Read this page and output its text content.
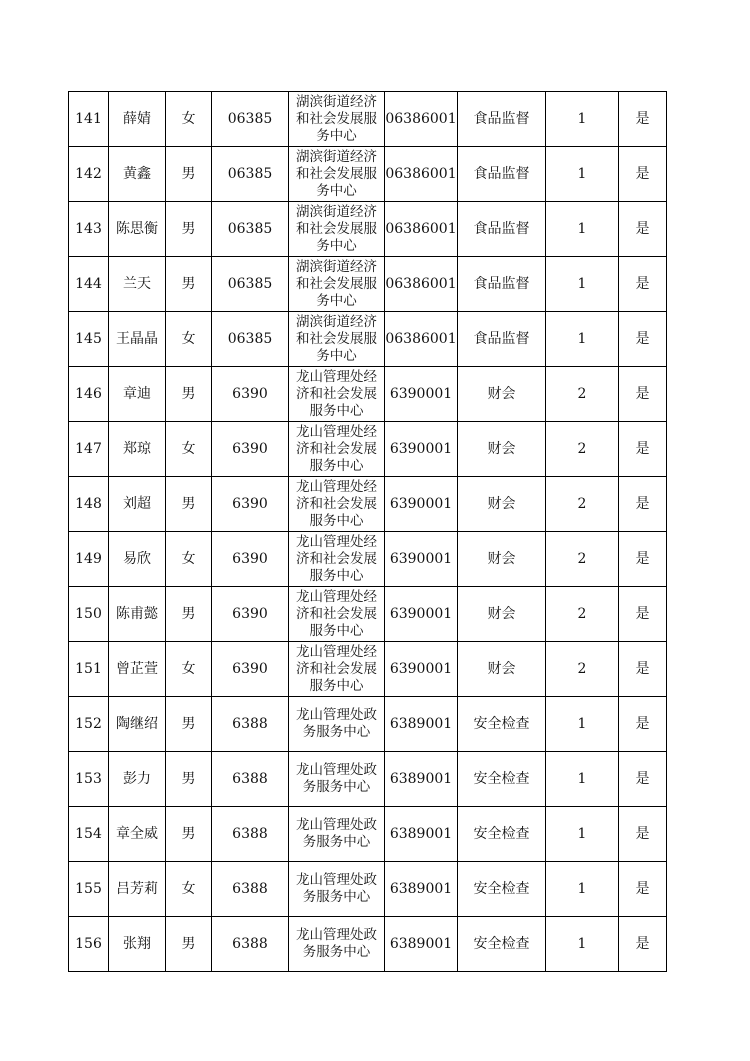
141	薛婧	女	06385	湖滨街道经济和社会发展服务中心	06386001	食品监督	1	是
142	黄鑫	男	06385	湖滨街道经济和社会发展服务中心	06386001	食品监督	1	是
143	陈思衡	男	06385	湖滨街道经济和社会发展服务中心	06386001	食品监督	1	是
144	兰天	男	06385	湖滨街道经济和社会发展服务中心	06386001	食品监督	1	是
145	王晶晶	女	06385	湖滨街道经济和社会发展服务中心	06386001	食品监督	1	是
146	章迪	男	6390	龙山管理处经济和社会发展服务中心	6390001	财会	2	是
147	郑琼	女	6390	龙山管理处经济和社会发展服务中心	6390001	财会	2	是
148	刘超	男	6390	龙山管理处经济和社会发展服务中心	6390001	财会	2	是
149	易欣	女	6390	龙山管理处经济和社会发展服务中心	6390001	财会	2	是
150	陈甫懿	男	6390	龙山管理处经济和社会发展服务中心	6390001	财会	2	是
151	曾芷萱	女	6390	龙山管理处经济和社会发展服务中心	6390001	财会	2	是
152	陶继绍	男	6388	龙山管理处政务服务中心	6389001	安全检查	1	是
153	彭力	男	6388	龙山管理处政务服务中心	6389001	安全检查	1	是
154	章全威	男	6388	龙山管理处政务服务中心	6389001	安全检查	1	是
155	吕芳莉	女	6388	龙山管理处政务服务中心	6389001	安全检查	1	是
156	张翔	男	6388	龙山管理处政务服务中心	6389001	安全检查	1	是
